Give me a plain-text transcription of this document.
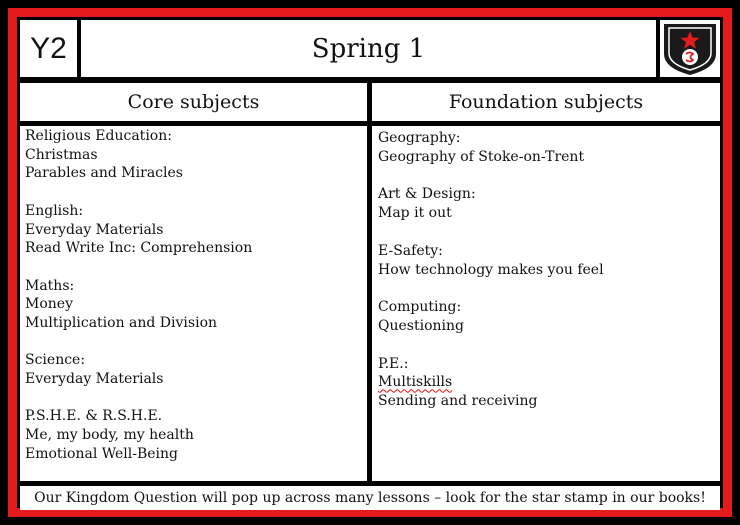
Y2	Spring 1
Core subjects	Foundation subjects
Religious Education:
Christmas
Parables and Miracles
English:
Everyday Materials
Read Write Inc: Comprehension
Maths:
Money
Multiplication and Division
Science:
Everyday Materials
P.S.H.E. & R.S.H.E.
Me, my body, my health
Emotional Well-Being
Geography:
Geography of Stoke-on-Trent
Art & Design:
Map it out
E-Safety:
How technology makes you feel
Computing:
Questioning
P.E.:
Multiskills
Sending and receiving
Our Kingdom Question will pop up across many lessons – look for the star stamp in our books!
